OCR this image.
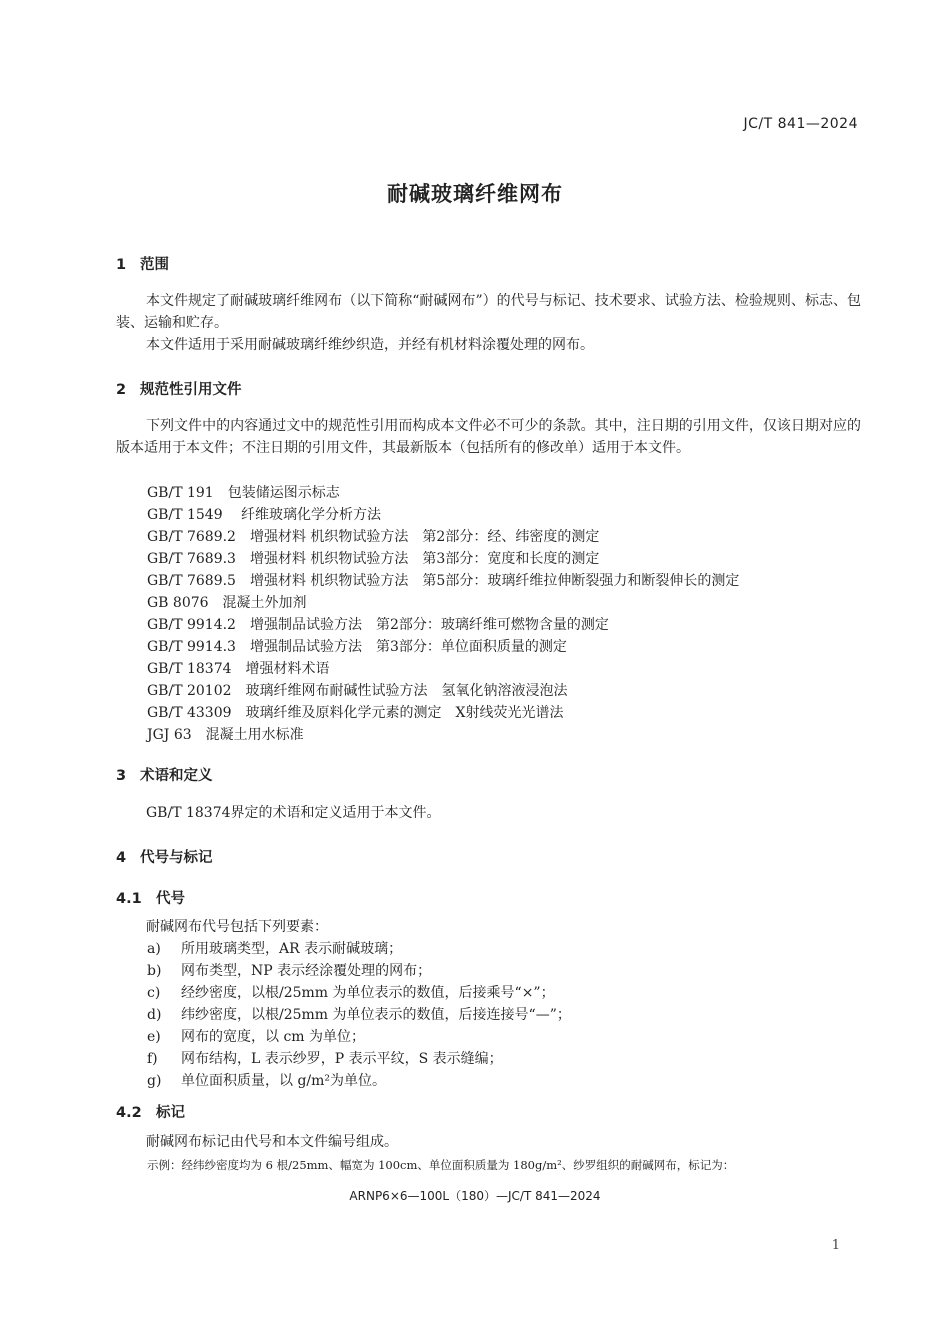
JC/T 841—2024
耐碱玻璃纤维网布
1 范围
本文件规定了耐碱玻璃纤维网布（以下简称“耐碱网布”）的代号与标记、技术要求、试验方法、检验规则、标志、包装、运输和贮存。
本文件适用于采用耐碱玻璃纤维纱织造，并经有机材料涂覆处理的网布。
2 规范性引用文件
下列文件中的内容通过文中的规范性引用而构成本文件必不可少的条款。其中，注日期的引用文件，仅该日期对应的版本适用于本文件；不注日期的引用文件，其最新版本（包括所有的修改单）适用于本文件。
GB/T 191　包装储运图示标志
GB/T 1549　 纤维玻璃化学分析方法
GB/T 7689.2　增强材料 机织物试验方法　第2部分：经、纬密度的测定
GB/T 7689.3　增强材料 机织物试验方法　第3部分：宽度和长度的测定
GB/T 7689.5　增强材料 机织物试验方法　第5部分：玻璃纤维拉伸断裂强力和断裂伸长的测定
GB 8076　混凝土外加剂
GB/T 9914.2　增强制品试验方法　第2部分：玻璃纤维可燃物含量的测定
GB/T 9914.3　增强制品试验方法　第3部分：单位面积质量的测定
GB/T 18374　增强材料术语
GB/T 20102　玻璃纤维网布耐碱性试验方法　氢氧化钠溶液浸泡法
GB/T 43309　玻璃纤维及原料化学元素的测定　X射线荧光光谱法
JGJ 63　混凝土用水标准
3 术语和定义
GB/T 18374界定的术语和定义适用于本文件。
4 代号与标记
4.1 代号
耐碱网布代号包括下列要素：
a) 所用玻璃类型，AR 表示耐碱玻璃；
b) 网布类型，NP 表示经涂覆处理的网布；
c) 经纱密度，以根/25mm 为单位表示的数值，后接乘号“×”；
d) 纬纱密度，以根/25mm 为单位表示的数值，后接连接号“—”；
e) 网布的宽度，以 cm 为单位；
f) 网布结构，L 表示纱罗，P 表示平纹，S 表示缝编；
g) 单位面积质量，以 g/m²为单位。
4.2 标记
耐碱网布标记由代号和本文件编号组成。
示例：经纬纱密度均为 6 根/25mm、幅宽为 100cm、单位面积质量为 180g/m²、纱罗组织的耐碱网布，标记为：
ARNP6×6—100L（180）—JC/T 841—2024
1
